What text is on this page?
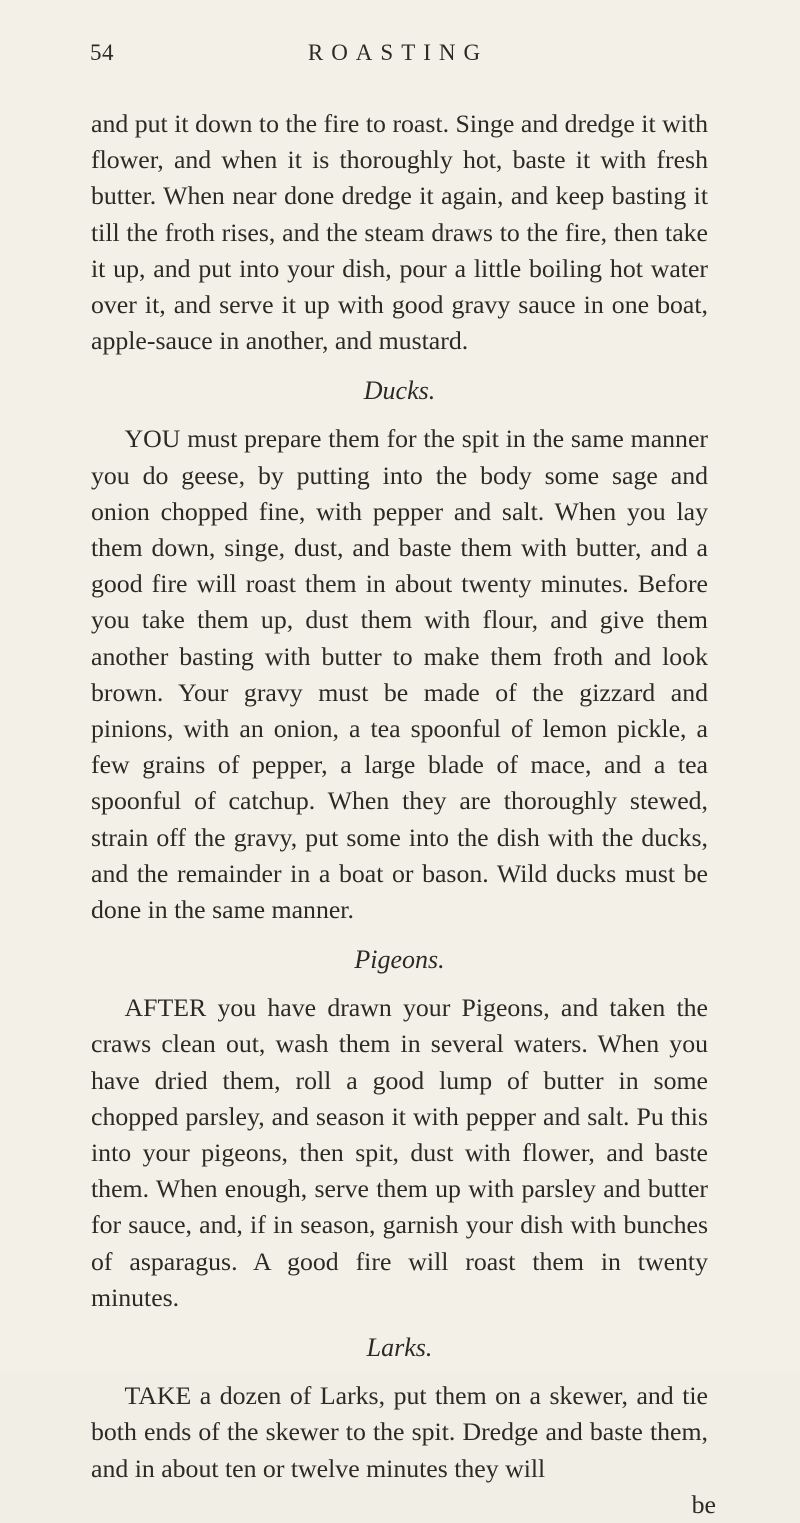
54	ROASTING

and put it down to the fire to roast. Singe and dredge it with flower, and when it is thoroughly hot, baste it with fresh butter. When near done dredge it again, and keep basting it till the froth rises, and the steam draws to the fire, then take it up, and put into your dish, pour a little boiling hot water over it, and serve it up with good gravy sauce in one boat, apple-sauce in another, and mustard.

Ducks.

YOU must prepare them for the spit in the same manner you do geese, by putting into the body some sage and onion chopped fine, with pepper and salt. When you lay them down, singe, dust, and baste them with butter, and a good fire will roast them in about twenty minutes. Before you take them up, dust them with flour, and give them another basting with butter to make them froth and look brown. Your gravy must be made of the gizzard and pinions, with an onion, a tea spoonful of lemon pickle, a few grains of pepper, a large blade of mace, and a tea spoonful of catchup. When they are thoroughly stewed, strain off the gravy, put some into the dish with the ducks, and the remainder in a boat or bason. Wild ducks must be done in the same manner.

Pigeons.

AFTER you have drawn your Pigeons, and taken the craws clean out, wash them in several waters. When you have dried them, roll a good lump of butter in some chopped parsley, and season it with pepper and salt. Pu this into your pigeons, then spit, dust with flower, and baste them. When enough, serve them up with parsley and butter for sauce, and, if in season, garnish your dish with bunches of asparagus. A good fire will roast them in twenty minutes.

Larks.

TAKE a dozen of Larks, put them on a skewer, and tie both ends of the skewer to the spit. Dredge and baste them, and in about ten or twelve minutes they will

be
